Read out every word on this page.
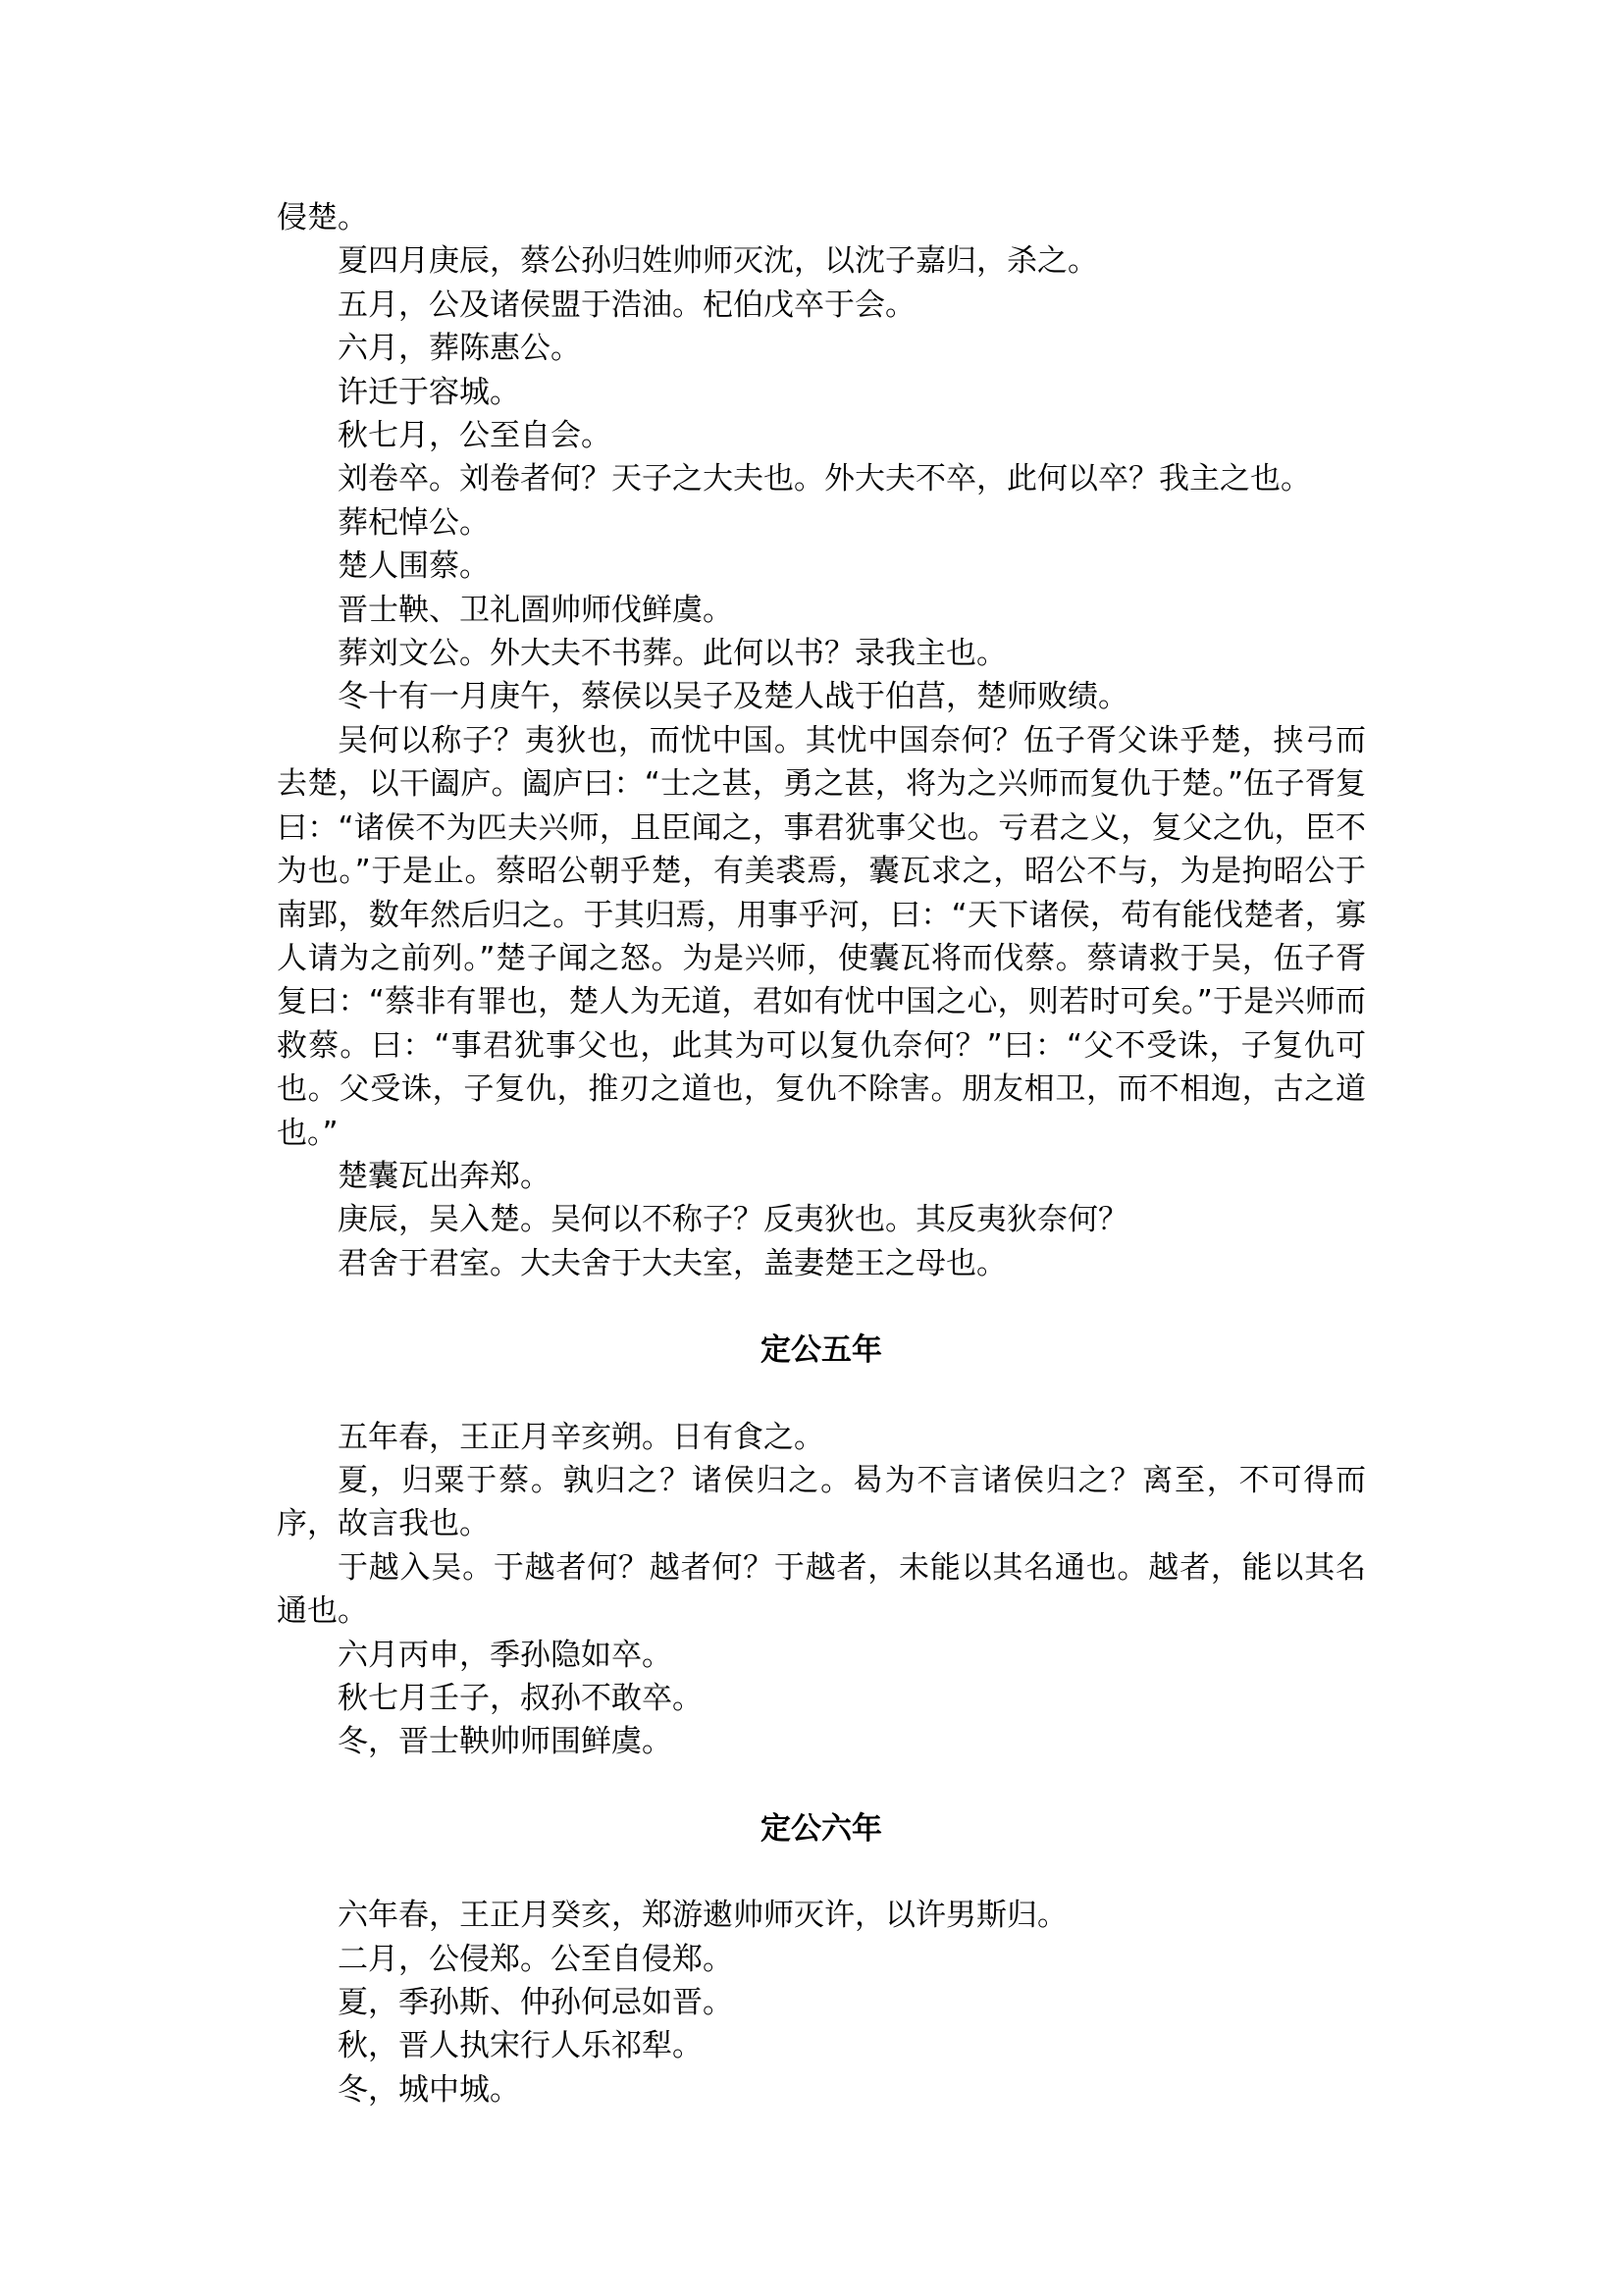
侵楚。

夏四月庚辰，蔡公孙归姓帅师灭沈，以沈子嘉归，杀之。

五月，公及诸侯盟于浩油。杞伯戊卒于会。

六月，葬陈惠公。

许迁于容城。

秋七月，公至自会。

刘卷卒。刘卷者何？天子之大夫也。外大夫不卒，此何以卒？我主之也。

葬杞悼公。

楚人围蔡。

晋士鞅、卫礼圄帅师伐鲜虞。

葬刘文公。外大夫不书葬。此何以书？录我主也。

冬十有一月庚午，蔡侯以吴子及楚人战于伯莒，楚师败绩。

吴何以称子？夷狄也，而忧中国。其忧中国奈何？伍子胥父诛乎楚，挟弓而去楚，以干阖庐。阖庐曰：“士之甚，勇之甚，将为之兴师而复仇于楚。”伍子胥复曰：“诸侯不为匹夫兴师，且臣闻之，事君犹事父也。亏君之义，复父之仇，臣不为也。”于是止。蔡昭公朝乎楚，有美裘焉，囊瓦求之，昭公不与，为是拘昭公于南郢，数年然后归之。于其归焉，用事乎河，曰：“天下诸侯，苟有能伐楚者，寡人请为之前列。”楚子闻之怒。为是兴师，使囊瓦将而伐蔡。蔡请救于吴，伍子胥复曰：“蔡非有罪也，楚人为无道，君如有忧中国之心，则若时可矣。”于是兴师而救蔡。曰：“事君犹事父也，此其为可以复仇奈何？”曰：“父不受诛，子复仇可也。父受诛，子复仇，推刃之道也，复仇不除害。朋友相卫，而不相迿，古之道也。”

楚囊瓦出奔郑。

庚辰，吴入楚。吴何以不称子？反夷狄也。其反夷狄奈何？

君舍于君室。大夫舍于大夫室，盖妻楚王之母也。

定公五年

五年春，王正月辛亥朔。日有食之。

夏，归粟于蔡。孰归之？诸侯归之。曷为不言诸侯归之？离至，不可得而序，故言我也。

于越入吴。于越者何？越者何？于越者，未能以其名通也。越者，能以其名通也。

六月丙申，季孙隐如卒。

秋七月壬子，叔孙不敢卒。

冬，晋士鞅帅师围鲜虞。

定公六年

六年春，王正月癸亥，郑游遫帅师灭许，以许男斯归。

二月，公侵郑。公至自侵郑。

夏，季孙斯、仲孙何忌如晋。

秋，晋人执宋行人乐祁犁。

冬，城中城。
